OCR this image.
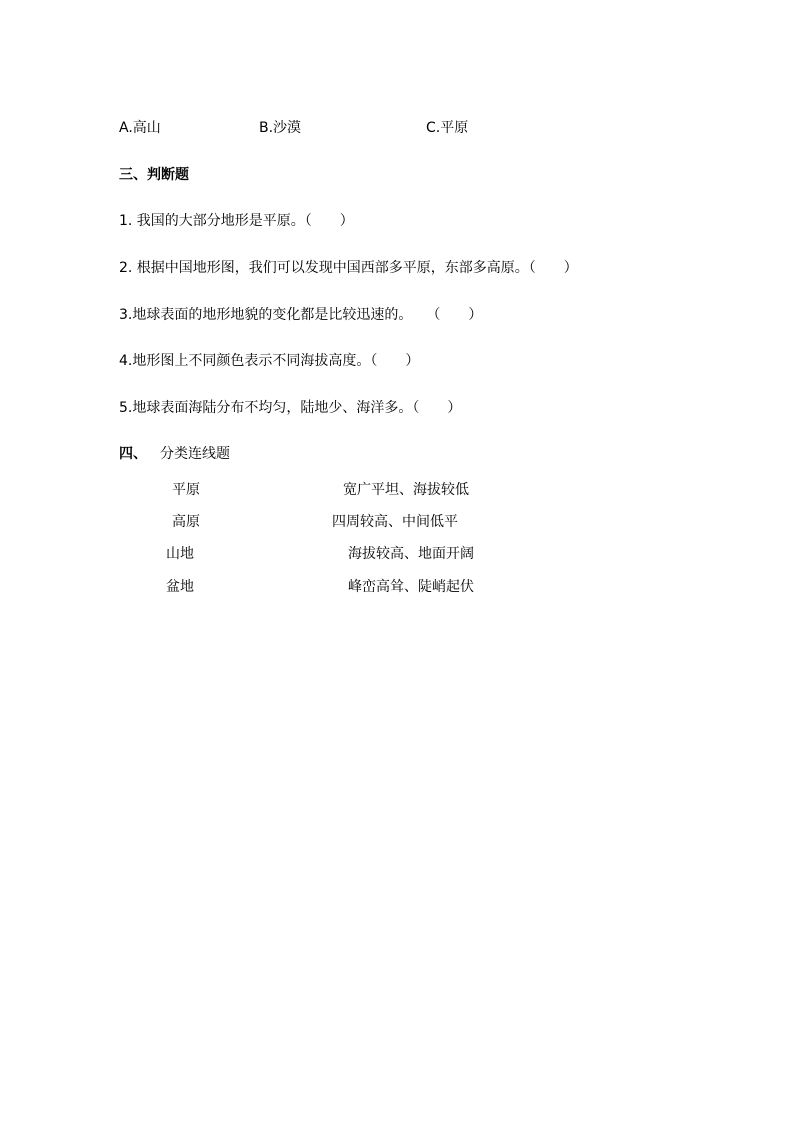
A.高山	B.沙漠	C.平原
三、判断题
1. 我国的大部分地形是平原。（　　）
2. 根据中国地形图，我们可以发现中国西部多平原，东部多高原。（　　）
3.地球表面的地形地貌的变化都是比较迅速的。　　（　　）
4.地形图上不同颜色表示不同海拔高度。（　　）
5.地球表面海陆分布不均匀，陆地少、海洋多。（　　）
四、 分类连线题
平原
高原
山地
盆地
宽广平坦、海拔较低
四周较高、中间低平
海拔较高、地面开阔
峰峦高耸、陡峭起伏
